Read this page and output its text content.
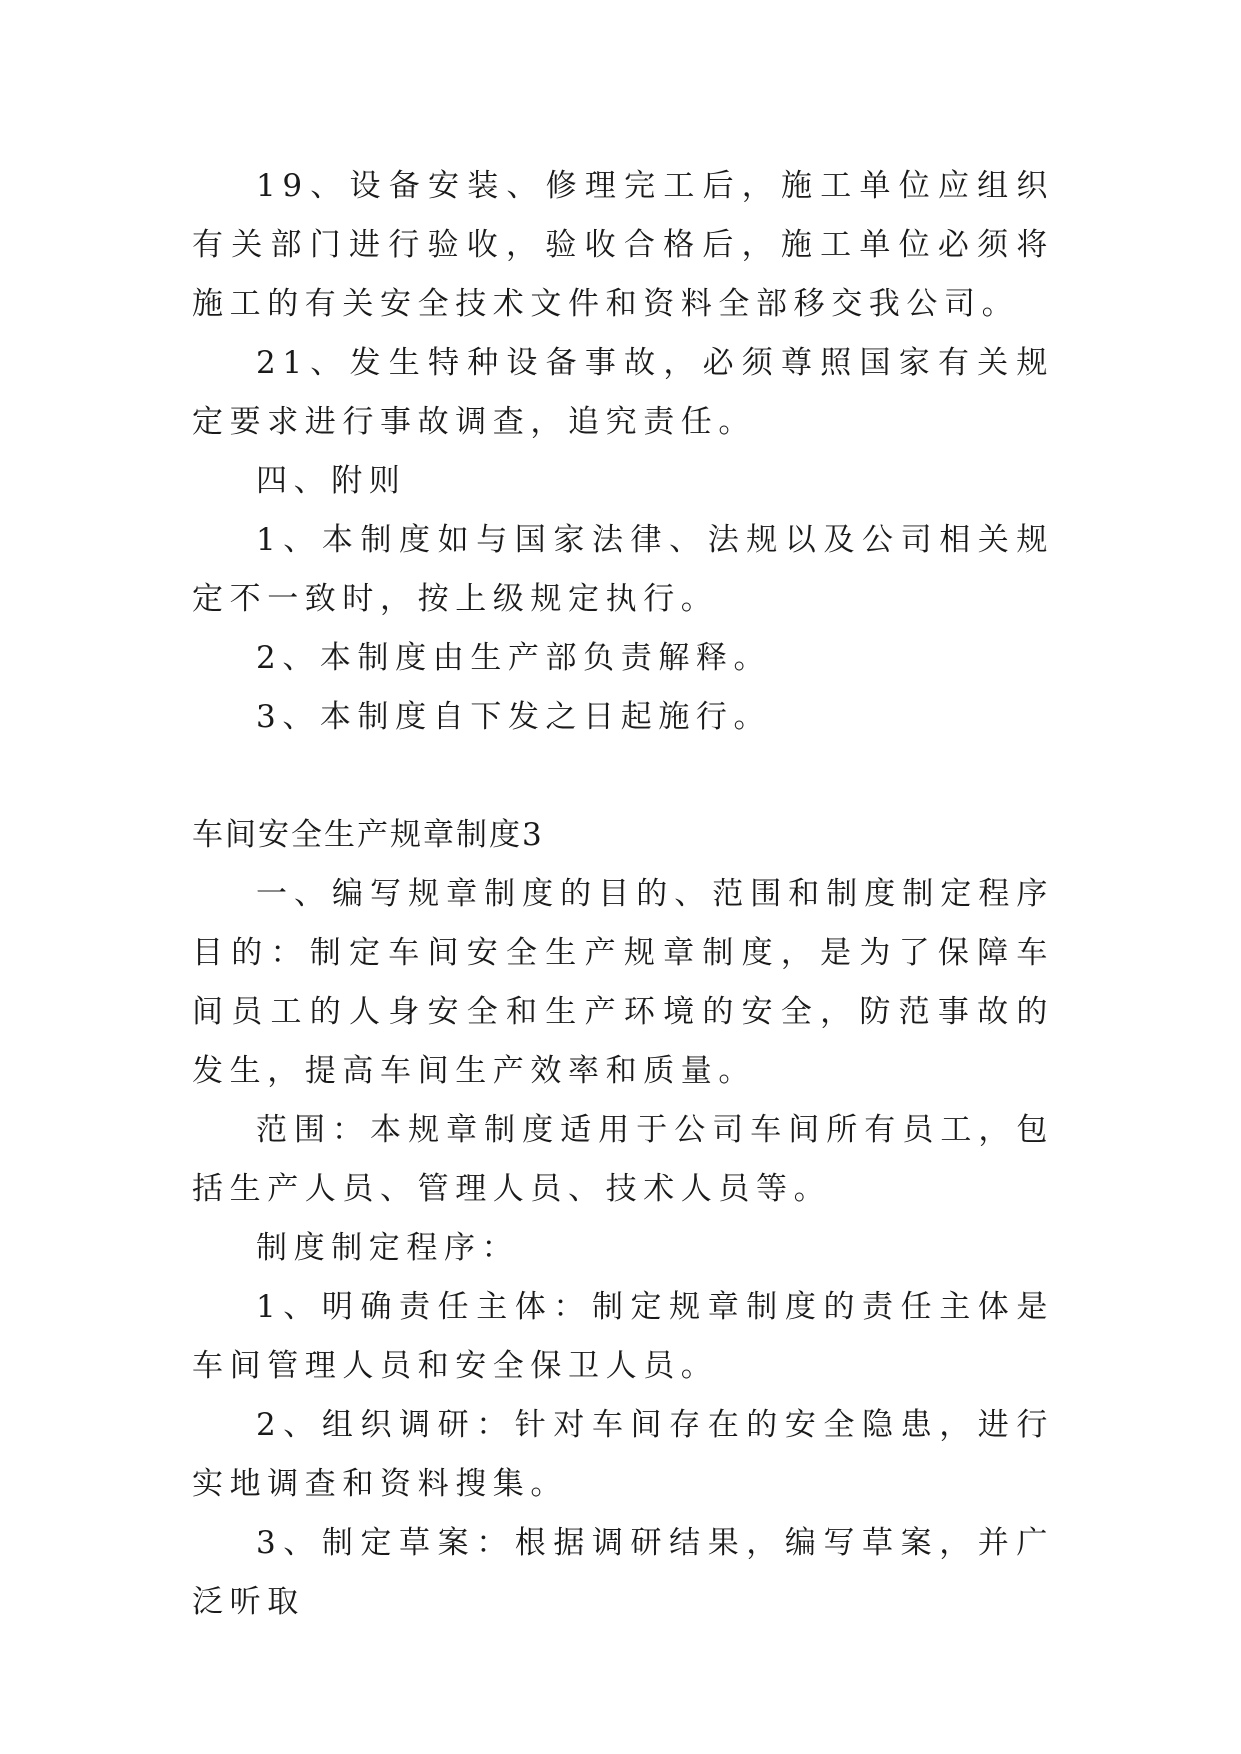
19、设备安装、修理完工后，施工单位应组织有关部门进行验收，验收合格后，施工单位必须将施工的有关安全技术文件和资料全部移交我公司。

21、发生特种设备事故，必须尊照国家有关规定要求进行事故调查，追究责任。

四、附则

1、本制度如与国家法律、法规以及公司相关规定不一致时，按上级规定执行。

2、本制度由生产部负责解释。

3、本制度自下发之日起施行。

车间安全生产规章制度3

一、编写规章制度的目的、范围和制度制定程序目的：制定车间安全生产规章制度，是为了保障车间员工的人身安全和生产环境的安全，防范事故的发生，提高车间生产效率和质量。

范围：本规章制度适用于公司车间所有员工，包括生产人员、管理人员、技术人员等。

制度制定程序：

1、明确责任主体：制定规章制度的责任主体是车间管理人员和安全保卫人员。

2、组织调研：针对车间存在的安全隐患，进行实地调查和资料搜集。

3、制定草案：根据调研结果，编写草案，并广泛听取
